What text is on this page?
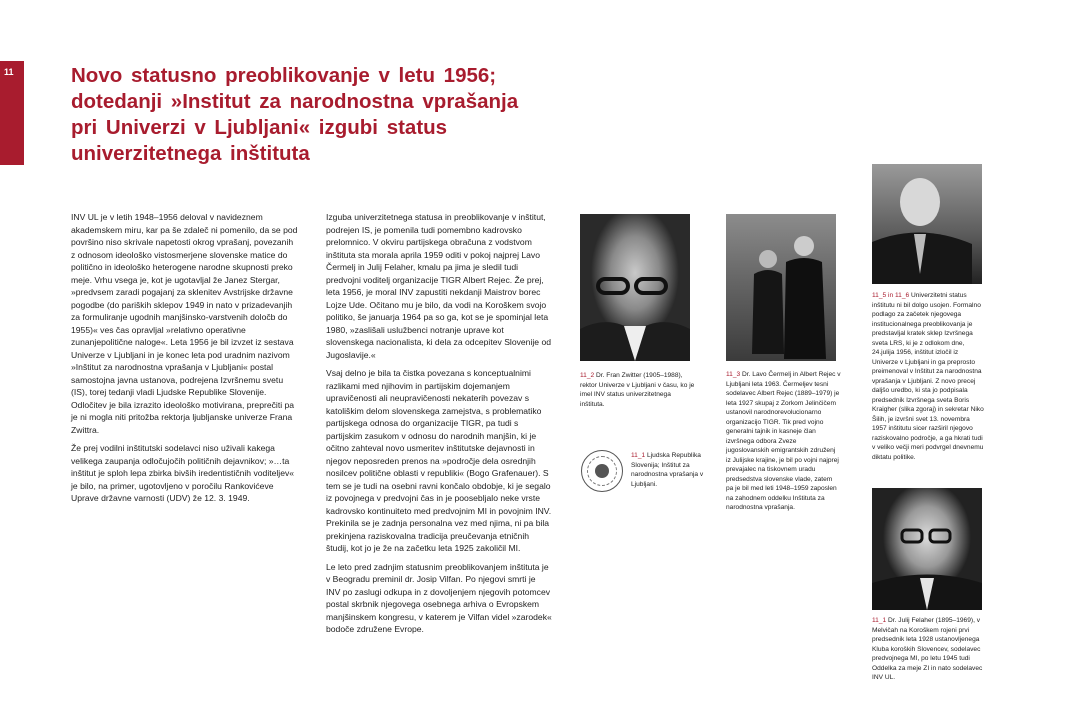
11	Novo statusno preoblikovanje v letu 1956; dotedanji »Institut za narodnostna vprašanja pri Univerzi v Ljubljani« izgubi status univerzitetnega inštituta

INV UL je v letih 1948–1956 deloval v navideznem akademskem miru, kar pa še zdaleč ni pomenilo, da se pod površino niso skrivale napetosti okrog vprašanj, povezanih z odnosom ideološko vistosmerjene slovenske matice do politično in ideološko heterogene narodne skupnosti preko meje. Vrhu vsega je, kot je ugotavljal že Janez Stergar, »predvsem zaradi pogajanj za sklenitev Avstrijske državne pogodbe (do pariških sklepov 1949 in nato v prizadevanjih za formuliranje ugodnih manjšinsko-varstvenih določb do 1955)« ves čas opravljal »relativno operativne zunanjepolitične naloge«. Leta 1956 je bil izvzet iz sestava Univerze v Ljubljani in je konec leta pod uradnim nazivom »Inštitut za narodnostna vprašanja v Ljubljani« postal samostojna javna ustanova, podrejena Izvršnemu svetu (IS), torej tedanji vladi Ljudske Republike Slovenije. Odločitev je bila izrazito ideološko motivirana, preprečiti pa je ni mogla niti pritožba rektorja ljubljanske univerze Frana Zwittra.

Že prej vodilni inštitutski sodelavci niso uživali kakega velikega zaupanja odločujočih političnih dejavnikov; »…ta inštitut je sploh lepa zbirka bivših iredentističnih voditeljev« je bilo, na primer, ugotovljeno v poročilu Rankovićeve Uprave državne varnosti (UDV) že 12. 3. 1949.

Izguba univerzitetnega statusa in preoblikovanje v inštitut, podrejen IS, je pomenila tudi pomembno kadrovsko prelomnico. V okviru partijskega obračuna z vodstvom inštituta sta morala aprila 1959 oditi v pokoj najprej Lavo Čermelj in Julij Felaher, kmalu pa jima je sledil tudi predvojni voditelj organizacije TIGR Albert Rejec. Že prej, leta 1956, je moral INV zapustiti nekdanji Maistrov borec Lojze Ude. Očitano mu je bilo, da vodi na Koroškem svojo politiko, še januarja 1964 pa so ga, kot se je spominjal leta 1980, »zaslišali uslužbenci notranje uprave kot slovenskega nacionalista, ki dela za odcepitev Slovenije od Jugoslavije.«

Vsaj delno je bila ta čistka povezana s konceptualnimi razlikami med njihovim in partijskim dojemanjem upravičenosti ali neupravičenosti nekaterih povezav s katoliškim delom slovenskega zamejstva, s problematiko partijskega odnosa do organizacije TIGR, pa tudi s partijskim zasukom v odnosu do narodnih manjšin, ki je očitno zahteval novo usmeritev inštitutske dejavnosti in njegov neposreden prenos na »področje dela osrednjih nosilcev politične oblasti v republiki« (Bogo Grafenauer). S tem se je tudi na osebni ravni končalo obdobje, ki je segalo iz povojnega v predvojni čas in je pooseblјalo neke vrste kadrovsko kontinuiteto med predvojnim MI in povojnim INV. Prekinila se je zadnja personalna vez med njima, ni pa bila prekinjena raziskovalna tradicija preučevanja etničnih študij, kot jo je že na začetku leta 1925 zakoličil MI.

Le leto pred zadnjim statusnim preoblikovanjem inštituta je v Beogradu preminil dr. Josip Vilfan. Po njegovi smrti je INV po zaslugi odkupa in z dovoljenjem njegovih potomcev postal skrbnik njegovega osebnega arhiva o Evropskem manjšinskem kongresu, v katerem je Vilfan videl »zarodek« bodoče združene Evrope.

11_2 Dr. Fran Zwitter (1905–1988), rektor Univerze v Ljubljani v času, ko je imel INV status univerzitetnega inštituta.
11_1 Ljudska Republika Slovenija; Inštitut za narodnostna vprašanja v Ljubljani.
11_3 Dr. Lavo Čermelj in Albert Rejec v Ljubljani leta 1963. Čermeljev tesni sodelavec Albert Rejec (1889–1979) je leta 1927 skupaj z Zorkom Jelinčičem ustanovil narodnorevolucionarno organizacijo TIGR. Tik pred vojno generalni tajnik in kasneje član izvršnega odbora Zveze jugoslovanskih emigrantskih združenj iz Julijske krajine, je bil po vojni najprej prevajalec na tiskovnem uradu predsedstva slovenske vlade, zatem pa je bil med leti 1948–1959 zaposlen na zahodnem oddelku Inštituta za narodnostna vprašanja.
11_5 in 11_6 Univerzitetni status inštitutu ni bil dolgo usojen. Formalno podlago za začetek njegovega institucionalnega preoblikovanja je predstavljal kratek sklep Izvršnega sveta LRS, ki je z odlokom dne, 24.julija 1956, inštitut izločil iz Univerze v Ljubljani in ga preprosto preimenoval v Inštitut za narodnostna vprašanja v Ljubljani. Z novo precej daljšo uredbo, ki sta jo podpisala predsednik Izvršnega sveta Boris Kraigher (slika zgoraj) in sekretar Niko Šilih, je izvršni svet 13. novembra 1957 inštitutu sicer razširil njegovo raziskovalno področje, a ga hkrati tudi v veliko večji meri podvrgel dnevnemu diktatu politike.
11_1 Dr. Julij Felaher (1895–1969), v Melvičah na Koroškem rojeni prvi predsednik leta 1928 ustanovljenega Kluba koroških Slovencev, sodelavec predvojnega MI, po letu 1945 tudi Oddelka za meje ZI in nato sodelavec INV UL.
